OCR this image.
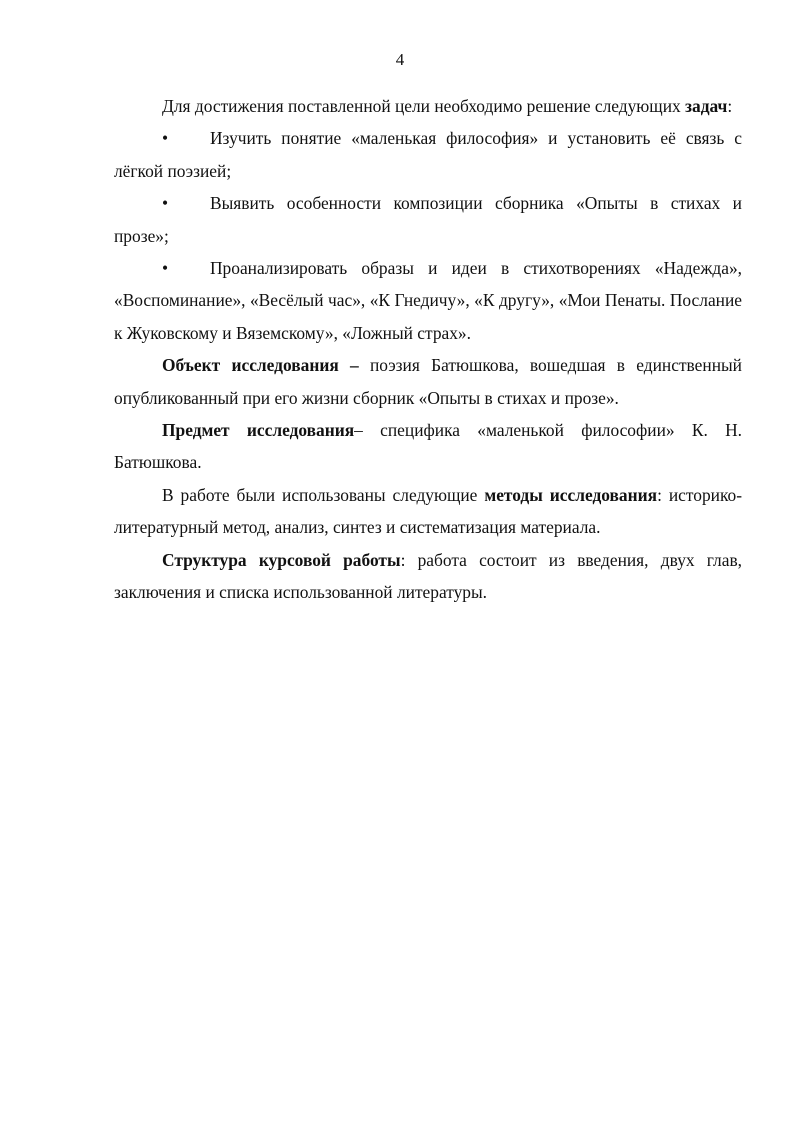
4

Для достижения поставленной цели необходимо решение следующих задач:

• Изучить понятие «маленькая философия» и установить её связь с лёгкой поэзией;

• Выявить особенности композиции сборника «Опыты в стихах и прозе»;

• Проанализировать образы и идеи в стихотворениях «Надежда», «Воспоминание», «Весёлый час», «К Гнедичу», «К другу», «Мои Пенаты. Послание к Жуковскому и Вяземскому», «Ложный страх».

Объект исследования – поэзия Батюшкова, вошедшая в единственный опубликованный при его жизни сборник «Опыты в стихах и прозе».

Предмет исследования– специфика «маленькой философии» К. Н. Батюшкова.

В работе были использованы следующие методы исследования: историко-литературный метод, анализ, синтез и систематизация материала.

Структура курсовой работы: работа состоит из введения, двух глав, заключения и списка использованной литературы.
